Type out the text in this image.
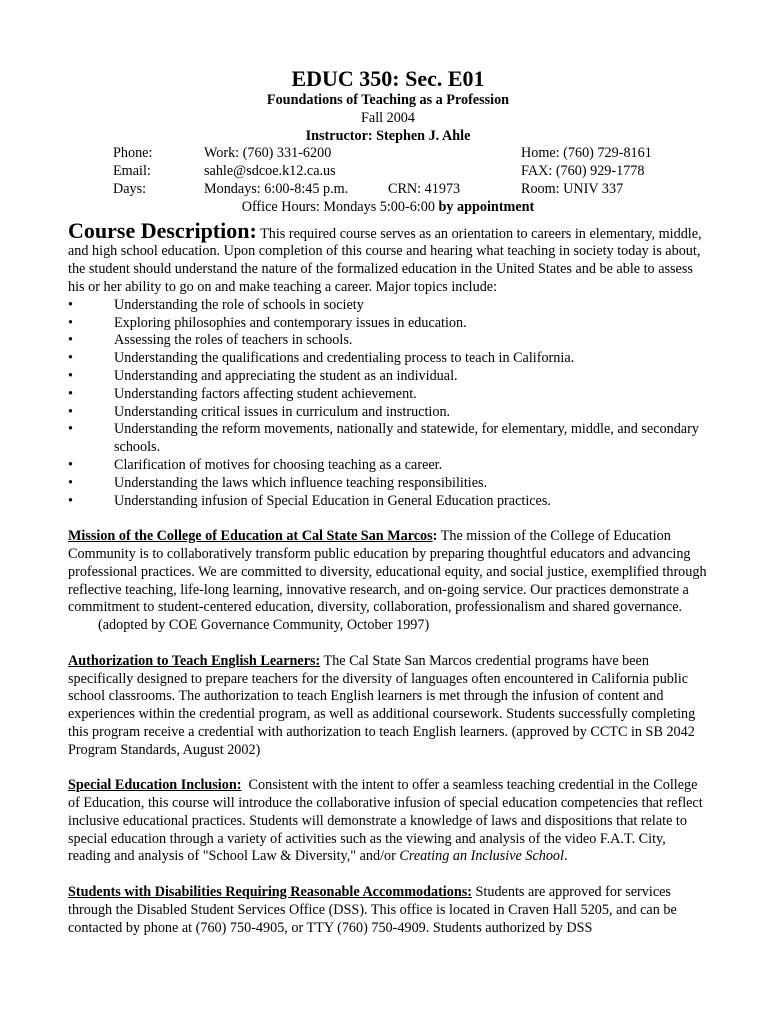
EDUC 350: Sec. E01
Foundations of Teaching as a Profession
Fall 2004
Instructor: Stephen J. Ahle
Phone:	Work: (760) 331-6200	Home: (760) 729-8161
Email:	sahle@sdcoe.k12.ca.us	FAX: (760) 929-1778
Days:	Mondays: 6:00-8:45 p.m.	CRN: 41973	Room: UNIV 337
Office Hours: Mondays 5:00-6:00 by appointment

Course Description: This required course serves as an orientation to careers in elementary, middle, and high school education. Upon completion of this course and hearing what teaching in society today is about, the student should understand the nature of the formalized education in the United States and be able to assess his or her ability to go on and make teaching a career. Major topics include:

•	Understanding the role of schools in society
•	Exploring philosophies and contemporary issues in education.
•	Assessing the roles of teachers in schools.
•	Understanding the qualifications and credentialing process to teach in California.
•	Understanding and appreciating the student as an individual.
•	Understanding factors affecting student achievement.
•	Understanding critical issues in curriculum and instruction.
•	Understanding the reform movements, nationally and statewide, for elementary, middle, and secondary schools.
•	Clarification of motives for choosing teaching as a career.
•	Understanding the laws which influence teaching responsibilities.
•	Understanding infusion of Special Education in General Education practices.

Mission of the College of Education at Cal State San Marcos: The mission of the College of Education Community is to collaboratively transform public education by preparing thoughtful educators and advancing professional practices. We are committed to diversity, educational equity, and social justice, exemplified through reflective teaching, life-long learning, innovative research, and on-going service. Our practices demonstrate a commitment to student-centered education, diversity, collaboration, professionalism and shared governance.(adopted by COE Governance Community, October 1997)

Authorization to Teach English Learners: The Cal State San Marcos credential programs have been specifically designed to prepare teachers for the diversity of languages often encountered in California public school classrooms. The authorization to teach English learners is met through the infusion of content and experiences within the credential program, as well as additional coursework. Students successfully completing this program receive a credential with authorization to teach English learners. (approved by CCTC in SB 2042 Program Standards, August 2002)

Special Education Inclusion: Consistent with the intent to offer a seamless teaching credential in the College of Education, this course will introduce the collaborative infusion of special education competencies that reflect inclusive educational practices. Students will demonstrate a knowledge of laws and dispositions that relate to special education through a variety of activities such as the viewing and analysis of the video F.A.T. City, reading and analysis of "School Law & Diversity," and/or Creating an Inclusive School.

Students with Disabilities Requiring Reasonable Accommodations: Students are approved for services through the Disabled Student Services Office (DSS). This office is located in Craven Hall 5205, and can be contacted by phone at (760) 750-4905, or TTY (760) 750-4909. Students authorized by DSS
